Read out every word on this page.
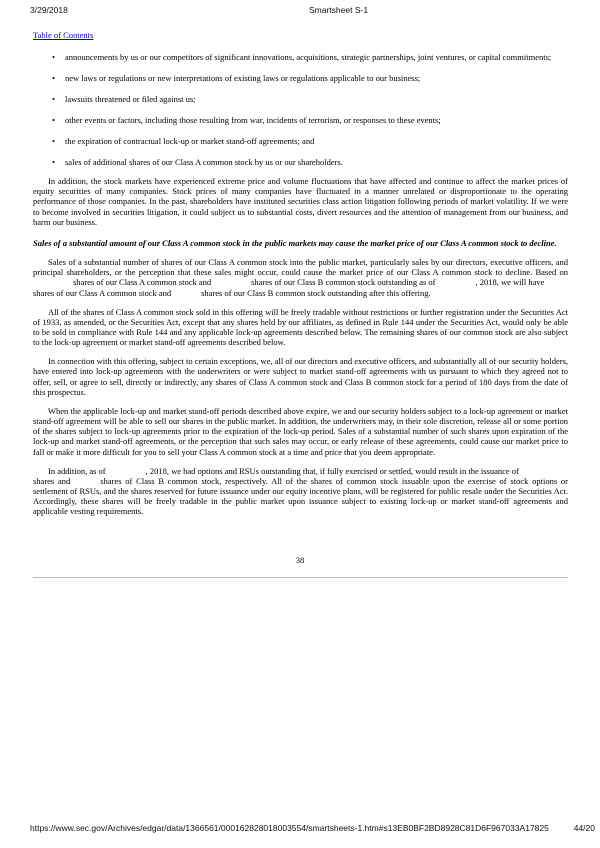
3/29/2018	Smartsheet S-1
Table of Contents
• announcements by us or our competitors of significant innovations, acquisitions, strategic partnerships, joint ventures, or capital commitments;
• new laws or regulations or new interpretations of existing laws or regulations applicable to our business;
• lawsuits threatened or filed against us;
• other events or factors, including those resulting from war, incidents of terrorism, or responses to these events;
• the expiration of contractual lock-up or market stand-off agreements; and
• sales of additional shares of our Class A common stock by us or our shareholders.

In addition, the stock markets have experienced extreme price and volume fluctuations that have affected and continue to affect the market prices of equity securities of many companies. Stock prices of many companies have fluctuated in a manner unrelated or disproportionate to the operating performance of those companies. In the past, shareholders have instituted securities class action litigation following periods of market volatility. If we were to become involved in securities litigation, it could subject us to substantial costs, divert resources and the attention of management from our business, and harm our business.

Sales of a substantial amount of our Class A common stock in the public markets may cause the market price of our Class A common stock to decline.

Sales of a substantial number of shares of our Class A common stock into the public market, particularly sales by our directors, executive officers, and principal shareholders, or the perception that these sales might occur, could cause the market price of our Class A common stock to decline. Based onshares of our Class A common stock and	shares of our Class B common stock outstanding as of	, 2018, we will have
shares of our Class A common stock and	shares of our Class B common stock outstanding after this offering.

All of the shares of Class A common stock sold in this offering will be freely tradable without restrictions or further registration under the Securities Act of 1933, as amended, or the Securities Act, except that any shares held by our affiliates, as defined in Rule 144 under the Securities Act, would only be able to be sold in compliance with Rule 144 and any applicable lock-up agreements described below. The remaining shares of our common stock are also subject to the lock-up agreement or market stand-off agreements described below.

In connection with this offering, subject to certain exceptions, we, all of our directors and executive officers, and substantially all of our security holders, have entered into lock-up agreements with the underwriters or were subject to market stand-off agreements with us pursuant to which they agreed not to offer, sell, or agree to sell, directly or indirectly, any shares of Class A common stock and Class B common stock for a period of 180 days from the date of this prospectus.

When the applicable lock-up and market stand-off periods described above expire, we and our security holders subject to a lock-up agreement or market stand-off agreement will be able to sell our shares in the public market. In addition, the underwriters may, in their sole discretion, release all or some portion of the shares subject to lock-up agreements prior to the expiration of the lock-up period. Sales of a substantial number of such shares upon expiration of the lock-up and market stand-off agreements, or the perception that such sales may occur, or early release of these agreements, could cause our market price to fall or make it more difficult for you to sell your Class A common stock at a time and price that you deem appropriate.

In addition, as of	, 2018, we had options and RSUs outstanding that, if fully exercised or settled, would result in the issuance of
shares and	shares of Class B common stock, respectively. All of the shares of common stock issuable upon the exercise of stock options or settlement of RSUs, and the shares reserved for future issuance under our equity incentive plans, will be registered for public resale under the Securities Act. Accordingly, these shares will be freely tradable in the public market upon issuance subject to existing lock-up or market stand-off agreements and applicable vesting requirements.

38
https://www.sec.gov/Archives/edgar/data/1366561/000162828018003554/smartsheets-1.htm#s13EB0BF2BD8928C81D6F967033A17825	44/20
